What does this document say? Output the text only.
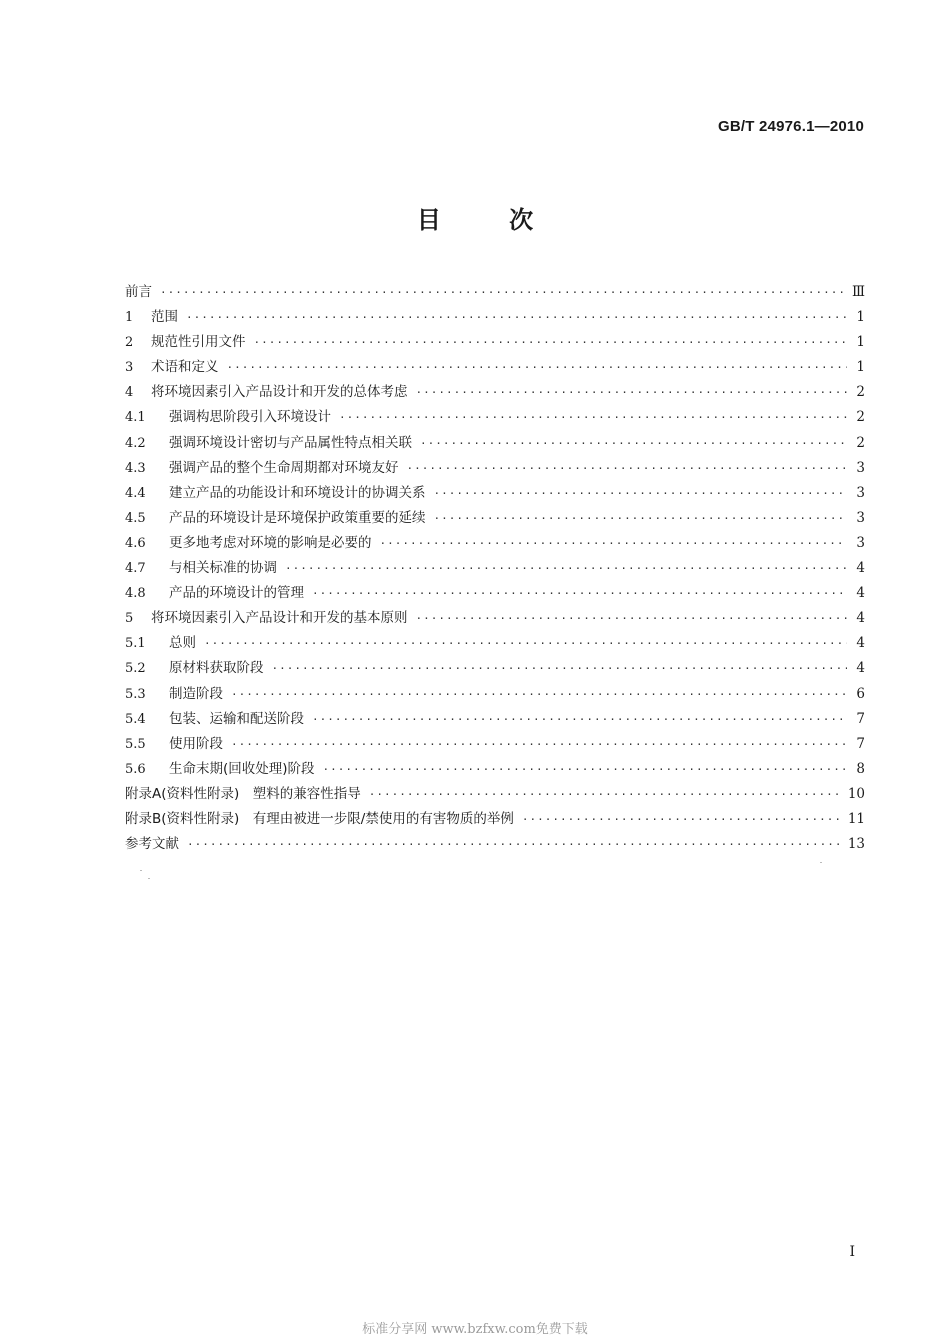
GB/T 24976.1—2010
目	次
前言 ·····	Ⅲ
1	范围 ·····	1
2	规范性引用文件 ·····	1
3	术语和定义 ·····	1
4	将环境因素引入产品设计和开发的总体考虑 ·····	2
4.1	强调构思阶段引入环境设计 ·····	2
4.2	强调环境设计密切与产品属性特点相关联 ·····	2
4.3	强调产品的整个生命周期都对环境友好 ·····	3
4.4	建立产品的功能设计和环境设计的协调关系 ·····	3
4.5	产品的环境设计是环境保护政策重要的延续 ·····	3
4.6	更多地考虑对环境的影响是必要的 ·····	3
4.7	与相关标准的协调 ·····	4
4.8	产品的环境设计的管理 ·····	4
5	将环境因素引入产品设计和开发的基本原则 ·····	4
5.1	总则 ·····	4
5.2	原材料获取阶段 ·····	4
5.3	制造阶段 ·····	6
5.4	包装、运输和配送阶段 ·····	7
5.5	使用阶段 ·····	7
5.6	生命末期(回收处理)阶段 ·····	8
附录A(资料性附录)　塑料的兼容性指导 ·····	10
附录B(资料性附录)　有理由被进一步限/禁使用的有害物质的举例 ·····	11
参考文献 ·····	13
I
标准分享网 www.bzfxw.com免费下载
